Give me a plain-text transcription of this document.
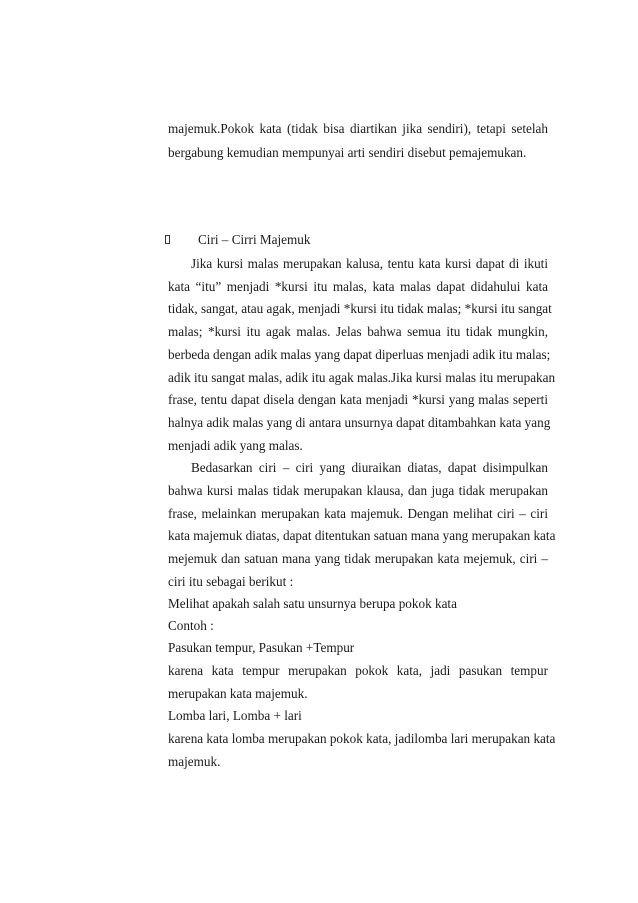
majemuk.Pokok kata (tidak bisa diartikan jika sendiri), tetapi setelah
bergabung kemudian mempunyai arti sendiri disebut pemajemukan.
Ciri – Cirri Majemuk
Jika kursi malas merupakan kalusa, tentu kata kursi dapat di ikuti
kata “itu” menjadi *kursi itu malas, kata malas dapat didahului kata
tidak, sangat, atau agak, menjadi *kursi itu tidak malas; *kursi itu sangat
malas; *kursi itu agak malas. Jelas bahwa semua itu tidak mungkin,
berbeda dengan adik malas yang dapat diperluas menjadi adik itu malas;
adik itu sangat malas, adik itu agak malas.Jika kursi malas itu merupakan
frase, tentu dapat disela dengan kata menjadi *kursi yang malas seperti
halnya adik malas yang di antara unsurnya dapat ditambahkan kata yang
menjadi adik yang malas.
Bedasarkan ciri – ciri yang diuraikan diatas, dapat disimpulkan
bahwa kursi malas tidak merupakan klausa, dan juga tidak merupakan
frase, melainkan merupakan kata majemuk. Dengan melihat ciri – ciri
kata majemuk diatas, dapat ditentukan satuan mana yang merupakan kata
mejemuk dan satuan mana yang tidak merupakan kata mejemuk, ciri –
ciri itu sebagai berikut :
Melihat apakah salah satu unsurnya berupa pokok kata
Contoh :
Pasukan tempur, Pasukan +Tempur
karena kata tempur merupakan pokok kata, jadi pasukan tempur
merupakan kata majemuk.
Lomba lari, Lomba + lari
karena kata lomba merupakan pokok kata, jadilomba lari merupakan kata
majemuk.
